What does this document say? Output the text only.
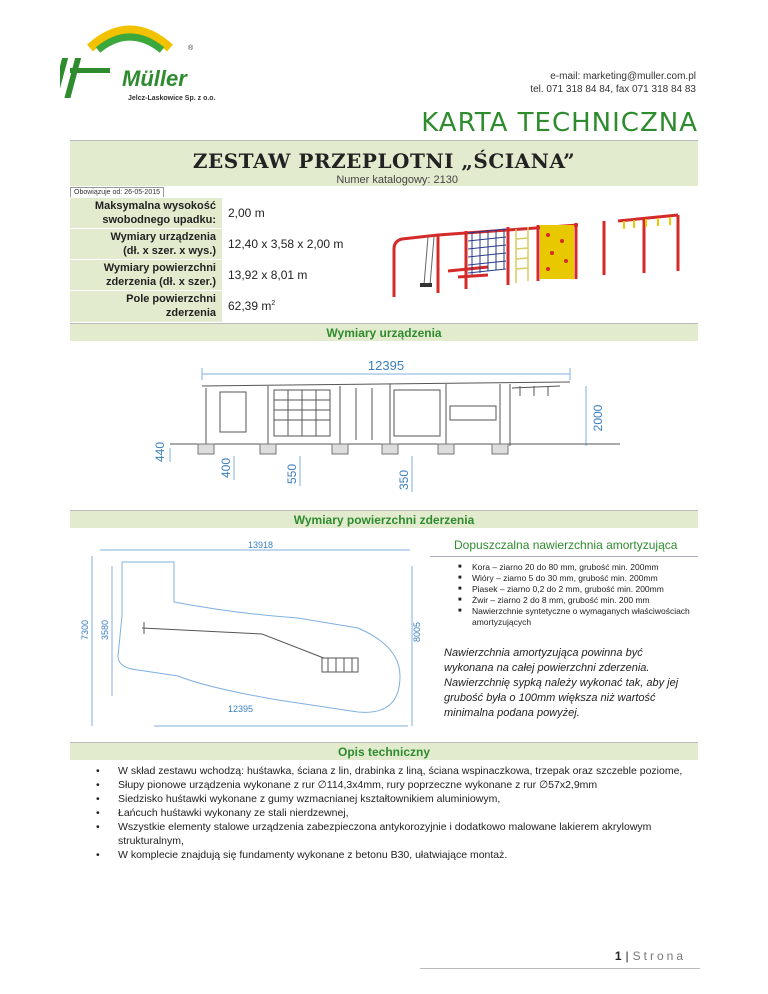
®
Müller
Jelcz-Laskowice Sp. z o.o.
e-mail: marketing@muller.com.pl
tel. 071 318 84 84, fax 071 318 84 83
KARTA TECHNICZNA
ZESTAW PRZEPLOTNI „ŚCIANA”
Numer katalogowy: 2130
Obowiązuje od: 26-05-2015
Maksymalna wysokość
swobodnego upadku:	2,00 m
Wymiary urządzenia
(dł. x szer. x wys.)	12,40 x 3,58 x 2,00 m
Wymiary powierzchni
zderzenia (dł. x szer.)	13,92 x 8,01 m
Pole powierzchni
zderzenia	62,39 $m^2$
Wymiary urządzenia
12395
2000
440
400	550	350
Wymiary powierzchni zderzenia
13918
12395
7300 3580	8005
Dopuszczalna nawierzchnia amortyzująca
■ Kora – ziarno 20 do 80 mm, grubość min. 200mm
■ Wióry – ziarno 5 do 30 mm, grubość min. 200mm
■ Piasek – ziarno 0,2 do 2 mm, grubość min. 200mm
■ Żwir – ziarno 2 do 8 mm, grubość min. 200 mm
■ Nawierzchnie syntetyczne o wymaganych właściwościach amortyzujących
Nawierzchnia amortyzująca powinna być wykonana na całej powierzchni zderzenia. Nawierzchnię sypką należy wykonać tak, aby jej grubość była o 100mm większa niż wartość minimalna podana powyżej.
Opis techniczny
• W skład zestawu wchodzą: huśtawka, ściana z lin, drabinka z liną, ściana wspinaczkowa, trzepak oraz szczeble poziome,
• Słupy pionowe urządzenia wykonane z rur ∅114,3x4mm, rury poprzeczne wykonane z rur ∅57x2,9mm
• Siedzisko huśtawki wykonane z gumy wzmacnianej kształtownikiem aluminiowym,
• Łańcuch huśtawki wykonany ze stali nierdzewnej,
• Wszystkie elementy stalowe urządzenia zabezpieczona antykorozyjnie i dodatkowo malowane lakierem akrylowym strukturalnym,
• W komplecie znajdują się fundamenty wykonane z betonu B30, ułatwiające montaż.
1 | Strona
